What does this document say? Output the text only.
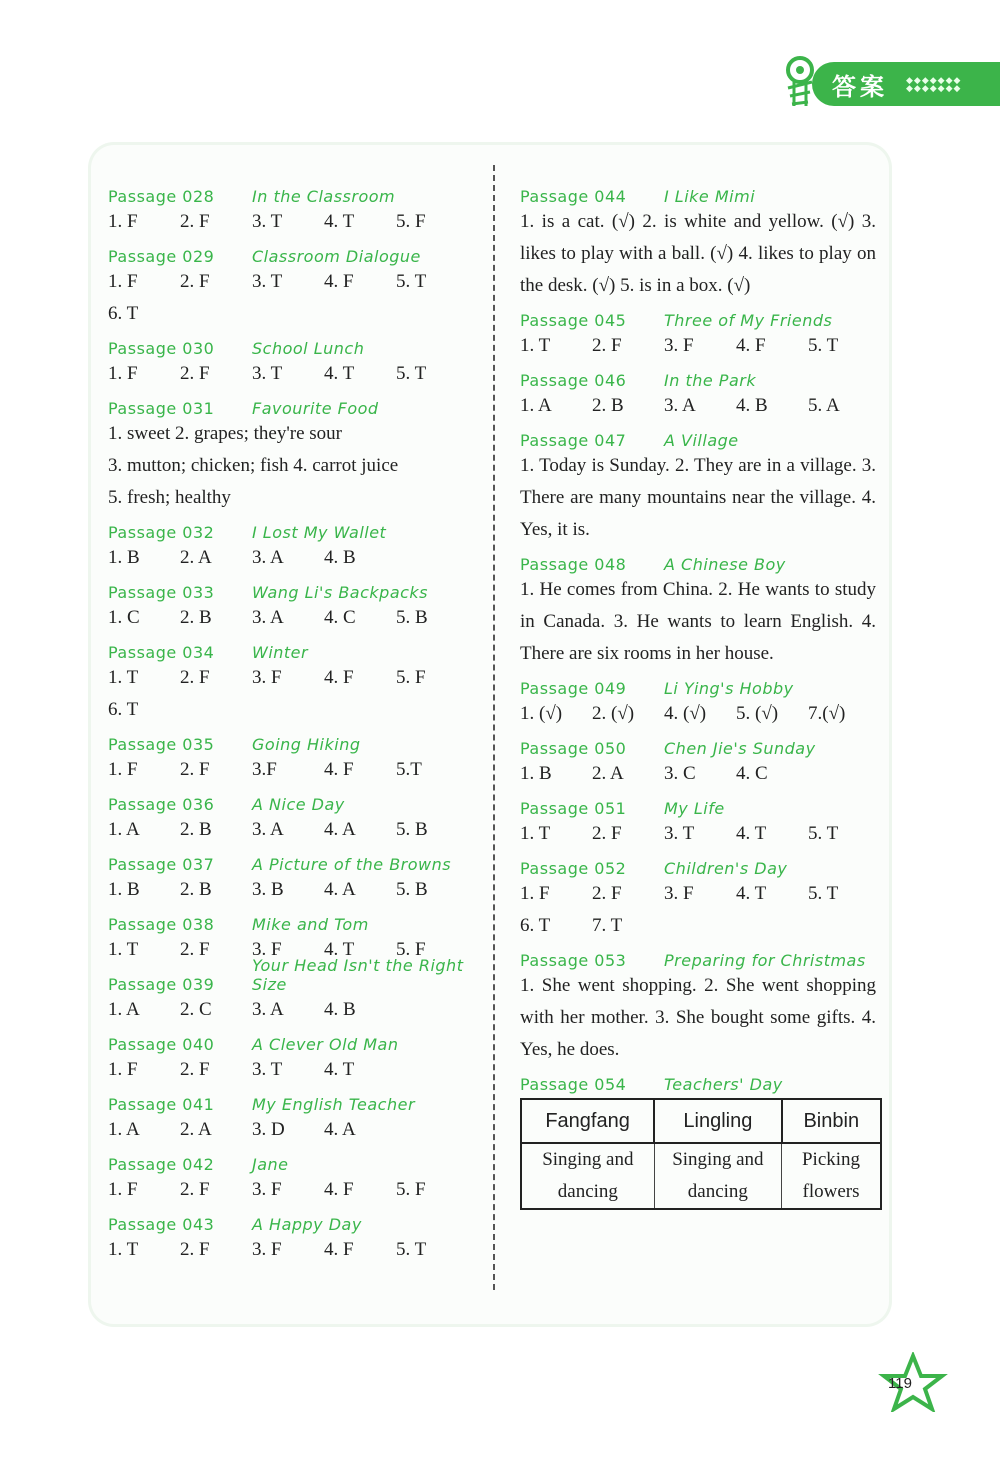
答案 ◆◆◆◆◆◆◆
◆◆◆◆◆◆◆
Passage 028	In the Classroom
1. F	2. F	3. T	4. T	5. F
Passage 029	Classroom Dialogue
1. F	2. F	3. T	4. F	5. T
6. T
Passage 030	School Lunch
1. F	2. F	3. T	4. T	5. T
Passage 031	Favourite Food
1. sweet 2. grapes; they're sour
3. mutton; chicken; fish 4. carrot juice
5. fresh; healthy
Passage 032	I Lost My Wallet
1. B	2. A	3. A	4. B
Passage 033	Wang Li's Backpacks
1. C	2. B	3. A	4. C	5. B
Passage 034	Winter
1. T	2. F	3. F	4. F	5. F
6. T
Passage 035	Going Hiking
1. F	2. F	3.F	4. F	5.T
Passage 036	A Nice Day
1. A	2. B	3. A	4. A	5. B
Passage 037	A Picture of the Browns
1. B	2. B	3. B	4. A	5. B
Passage 038	Mike and Tom
1. T	2. F	3. F	4. T	5. F
Passage 039
Your Head Isn't the Right Size
1. A	2. C	3. A	4. B
Passage 040	A Clever Old Man
1. F	2. F	3. T	4. T
Passage 041	My English Teacher
1. A	2. A	3. D	4. A
Passage 042	Jane
1. F	2. F	3. F	4. F	5. F
Passage 043	A Happy Day
1. T	2. F	3. F	4. F	5. T
Passage 044	I Like Mimi
1. is a cat. (√) 2. is white and yellow. (√) 3. likes to play with a ball. (√) 4. likes to play on the desk. (√) 5. is in a box. (√)
Passage 045	Three of My Friends
1. T	2. F	3. F	4. F	5. T
Passage 046	In the Park
1. A	2. B	3. A	4. B	5. A
Passage 047	A Village
1. Today is Sunday. 2. They are in a village. 3. There are many mountains near the village. 4. Yes, it is.
Passage 048	A Chinese Boy
1. He comes from China. 2. He wants to study in Canada. 3. He wants to learn English. 4. There are six rooms in her house.
Passage 049	Li Ying's Hobby
1. (√)	2. (√)	4. (√)	5. (√)	7.(√)
Passage 050	Chen Jie's Sunday
1. B	2. A	3. C	4. C
Passage 051	My Life
1. T	2. F	3. T	4. T	5. T
Passage 052	Children's Day
1. F	2. F	3. F	4. T	5. T
6. T	7. T
Passage 053	Preparing for Christmas
1. She went shopping. 2. She went shopping with her mother. 3. She bought some gifts. 4. Yes, he does.
Passage 054	Teachers' Day
Fangfang	Lingling	Binbin
Singing and dancing	Singing and dancing	Picking flowers
119
